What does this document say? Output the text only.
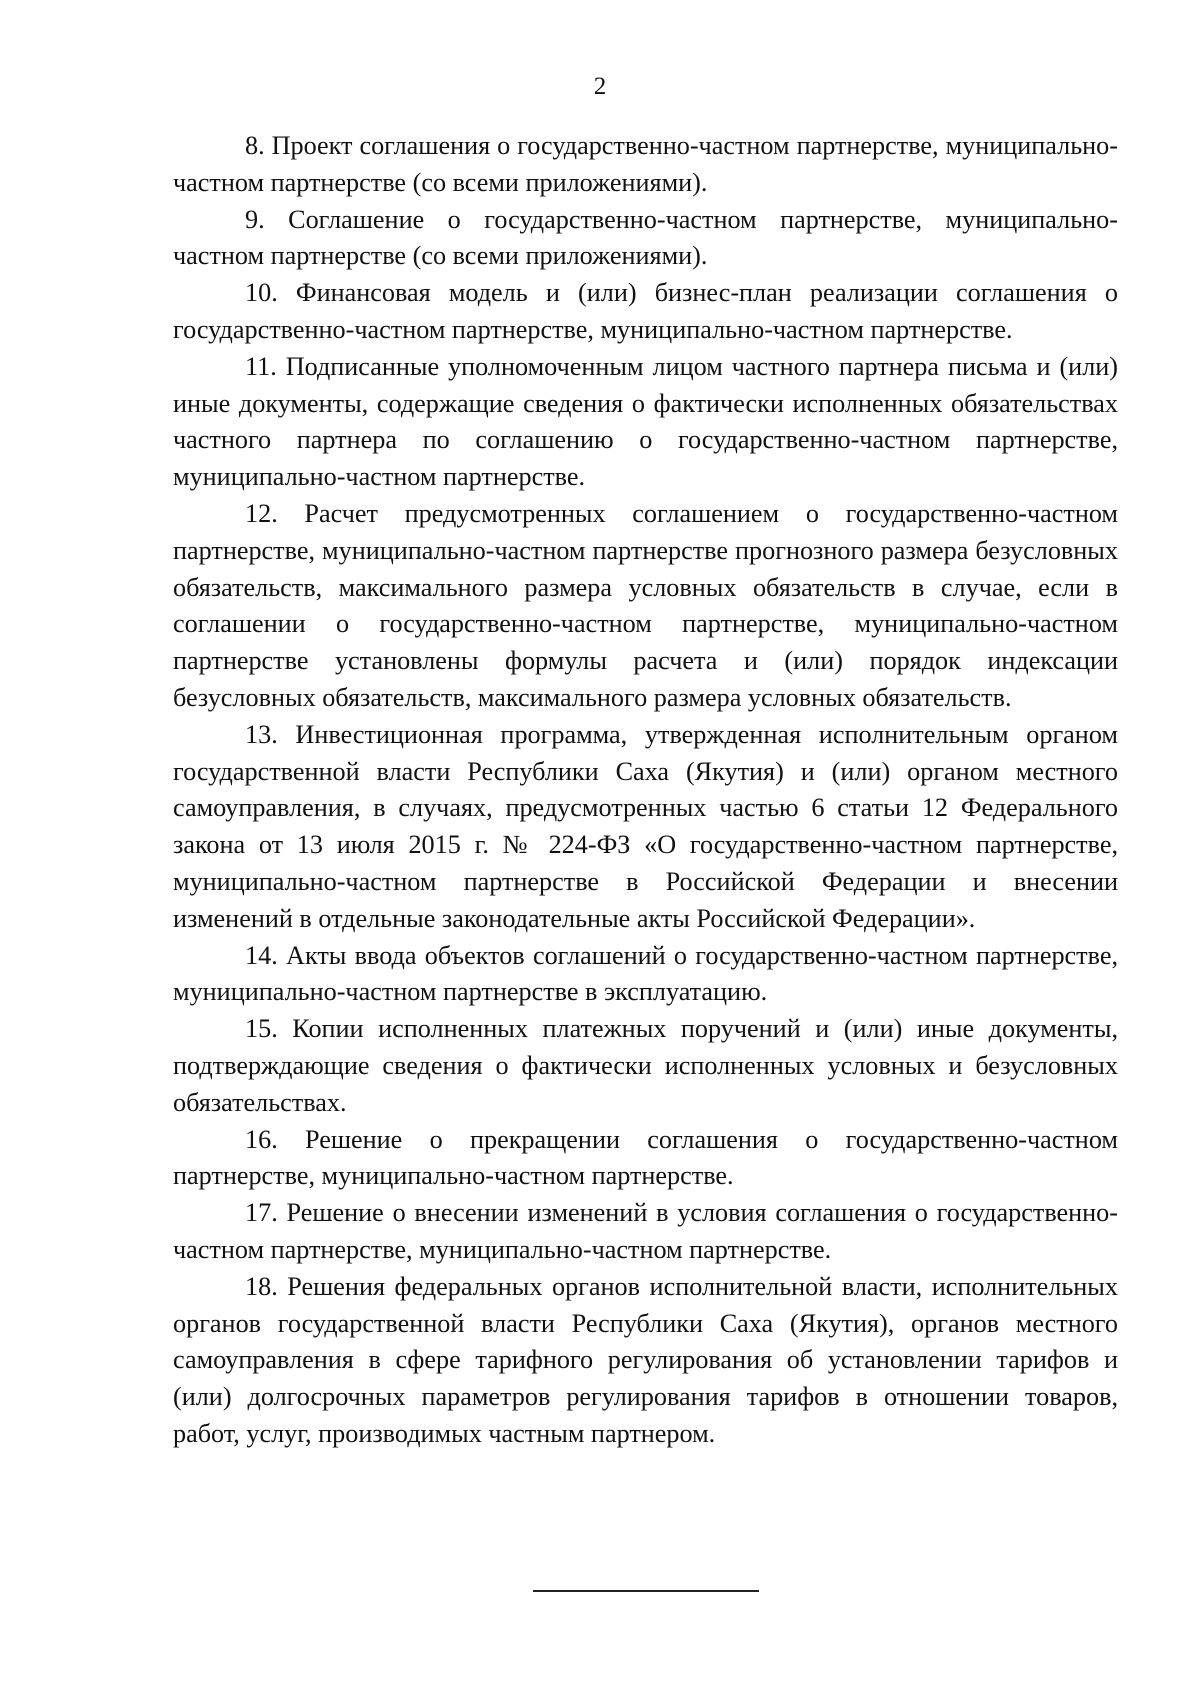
2

8. Проект соглашения о государственно-частном партнерстве, муниципально-частном партнерстве (со всеми приложениями).

9. Соглашение о государственно-частном партнерстве, муниципально-частном партнерстве (со всеми приложениями).

10. Финансовая модель и (или) бизнес-план реализации соглашения о государственно-частном партнерстве, муниципально-частном партнерстве.

11. Подписанные уполномоченным лицом частного партнера письма и (или) иные документы, содержащие сведения о фактически исполненных обязательствах частного партнера по соглашению о государственно-частном партнерстве, муниципально-частном партнерстве.

12. Расчет предусмотренных соглашением о государственно-частном партнерстве, муниципально-частном партнерстве прогнозного размера безусловных обязательств, максимального размера условных обязательств в случае, если в соглашении о государственно-частном партнерстве, муниципально-частном партнерстве установлены формулы расчета и (или) порядок индексации безусловных обязательств, максимального размера условных обязательств.

13. Инвестиционная программа, утвержденная исполнительным органом государственной власти Республики Саха (Якутия) и (или) органом местного самоуправления, в случаях, предусмотренных частью 6 статьи 12 Федерального закона от 13 июля 2015 г. № 224-ФЗ «О государственно-частном партнерстве, муниципально-частном партнерстве в Российской Федерации и внесении изменений в отдельные законодательные акты Российской Федерации».

14. Акты ввода объектов соглашений о государственно-частном партнерстве, муниципально-частном партнерстве в эксплуатацию.

15. Копии исполненных платежных поручений и (или) иные документы, подтверждающие сведения о фактически исполненных условных и безусловных обязательствах.

16. Решение о прекращении соглашения о государственно-частном партнерстве, муниципально-частном партнерстве.

17. Решение о внесении изменений в условия соглашения о государственно-частном партнерстве, муниципально-частном партнерстве.

18. Решения федеральных органов исполнительной власти, исполнительных органов государственной власти Республики Саха (Якутия), органов местного самоуправления в сфере тарифного регулирования об установлении тарифов и (или) долгосрочных параметров регулирования тарифов в отношении товаров, работ, услуг, производимых частным партнером.
